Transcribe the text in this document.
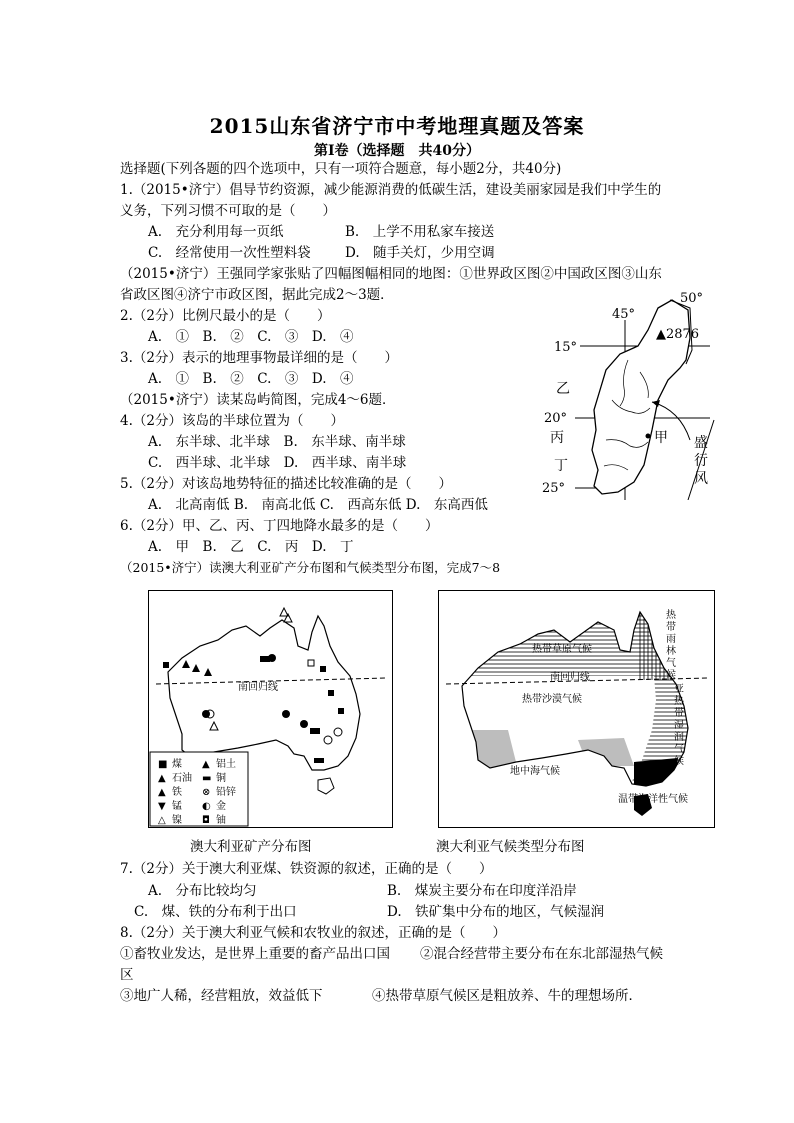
2015山东省济宁市中考地理真题及答案
第Ⅰ卷（选择题　共40分）
选择题(下列各题的四个选项中，只有一项符合题意，每小题2分，共40分)
1.（2015•济宁）倡导节约资源，减少能源消费的低碳生活，建设美丽家园是我们中学生的
义务，下列习惯不可取的是（　　）
A.　充分利用每一页纸	B.　上学不用私家车接送
C.　经常使用一次性塑料袋	D.　随手关灯，少用空调
（2015•济宁）王强同学家张贴了四幅图幅相同的地图：①世界政区图②中国政区图③山东
省政区图④济宁市政区图，据此完成2～3题．
2.（2分）比例尺最小的是（　　）
A.　①　B.　②　C.　③　D.　④
3.（2分）表示的地理事物最详细的是（　　）
A.　①　B.　②　C.　③　D.　④
（2015•济宁）读某岛屿简图，完成4～6题．
4.（2分）该岛的半球位置为（　　）
A.　东半球、北半球　B.　东半球、南半球
C.　西半球、北半球　D.　西半球、南半球
5.（2分）对该岛地势特征的描述比较准确的是（　　）
A.　北高南低 B.　南高北低 C.　西高东低 D.　东高西低
6.（2分）甲、乙、丙、丁四地降水最多的是（　　）
A.　甲　B.　乙　C.　丙　D.　丁
45°
50°
15°
20°
25°
▲2876
乙
丙
丁
甲 盛
行
风
（2015•济宁）读澳大利亚矿产分布图和气候类型分布图，完成7～8
南回归线
■ 煤 ▲ 铝土
▲ 石油 ▬ 铜
▲ 铁 ⊗ 铅锌
▼ 锰 ◐ 金
△ 镍 ◘ 铀
热带草原气候
热
带
雨
林
气
候
南回归线
热带沙漠气候
亚
热
带
湿
润
气
候
地中海气候
温带海洋性气候
澳大利亚矿产分布图	澳大利亚气候类型分布图
7.（2分）关于澳大利亚煤、铁资源的叙述，正确的是（　　）
A.　分布比较均匀	B.　煤炭主要分布在印度洋沿岸
C.　煤、铁的分布利于出口	D.　铁矿集中分布的地区，气候湿润
8.（2分）关于澳大利亚气候和农牧业的叙述，正确的是（　　）
①畜牧业发达，是世界上重要的畜产品出口国 ②混合经营带主要分布在东北部湿热气候
区
③地广人稀，经营粗放，效益低下	④热带草原气候区是粗放养、牛的理想场所．
